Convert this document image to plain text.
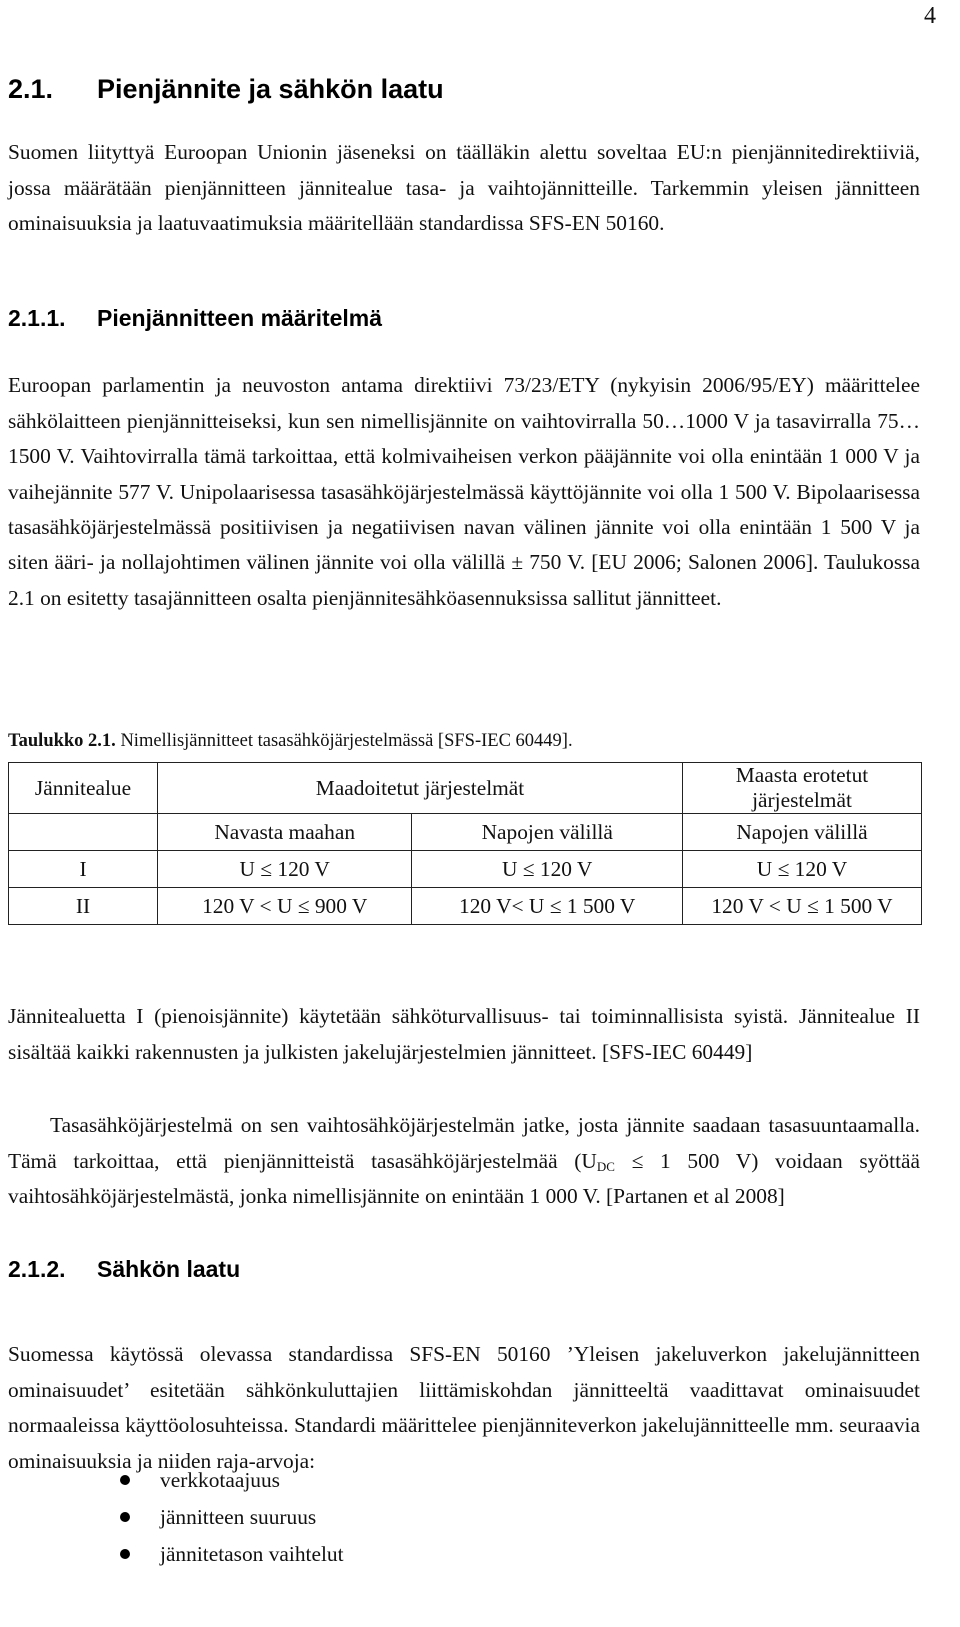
4
2.1. Pienjännite ja sähkön laatu

Suomen liityttyä Euroopan Unionin jäseneksi on täälläkin alettu soveltaa EU:n pienjännitedirektiiviä, jossa määrätään pienjännitteen jännitealue tasa- ja vaihtojännitteille. Tarkemmin yleisen jännitteen ominaisuuksia ja laatuvaatimuksia määritellään standardissa SFS-EN 50160.

2.1.1. Pienjännitteen määritelmä

Euroopan parlamentin ja neuvoston antama direktiivi 73/23/ETY (nykyisin 2006/95/EY) määrittelee sähkölaitteen pienjännitteiseksi, kun sen nimellisjännite on vaihtovirralla 50…1000 V ja tasavirralla 75…1500 V. Vaihtovirralla tämä tarkoittaa, että kolmivaiheisen verkon pääjännite voi olla enintään 1 000 V ja vaihejännite 577 V. Unipolaarisessa tasasähköjärjestelmässä käyttöjännite voi olla 1 500 V. Bipolaarisessa tasasähköjärjestelmässä positiivisen ja negatiivisen navan välinen jännite voi olla enintään 1 500 V ja siten ääri- ja nollajohtimen välinen jännite voi olla välillä ± 750 V. [EU 2006; Salonen 2006]. Taulukossa 2.1 on esitetty tasajännitteen osalta pienjännitesähköasennuksissa sallitut jännitteet.

Taulukko 2.1. Nimellisjännitteet tasasähköjärjestelmässä [SFS-IEC 60449].
Jännitealue	Maadoitetut järjestelmät		Maasta erotetut järjestelmät

	Navasta maahan	Napojen välillä	Napojen välillä
I	U ≤ 120 V	U ≤ 120 V	U ≤ 120 V
II	120 V < U ≤ 900 V	120 V< U ≤ 1 500 V	120 V < U ≤ 1 500 V

Jännitealuetta I (pienoisjännite) käytetään sähköturvallisuus- tai toiminnallisista syistä. Jännitealue II sisältää kaikki rakennusten ja julkisten jakelujärjestelmien jännitteet. [SFS-IEC 60449]

Tasasähköjärjestelmä on sen vaihtosähköjärjestelmän jatke, josta jännite saadaan tasasuuntaamalla. Tämä tarkoittaa, että pienjännitteistä tasasähköjärjestelmää ($U_{DC} \le 1$ 500 V) voidaan syöttää vaihtosähköjärjestelmästä, jonka nimellisjännite on enintään 1 000 V. [Partanen et al 2008]

2.1.2. Sähkön laatu

Suomessa käytössä olevassa standardissa SFS-EN 50160 ’Yleisen jakeluverkon jakelujännitteen ominaisuudet’ esitetään sähkönkuluttajien liittämiskohdan jännitteeltä vaadittavat ominaisuudet normaaleissa käyttöolosuhteissa. Standardi määrittelee pienjänniteverkon jakelujännitteelle mm. seuraavia ominaisuuksia ja niiden raja-arvoja:

verkkotaajuus
jännitteen suuruus
jännitetason vaihtelut
